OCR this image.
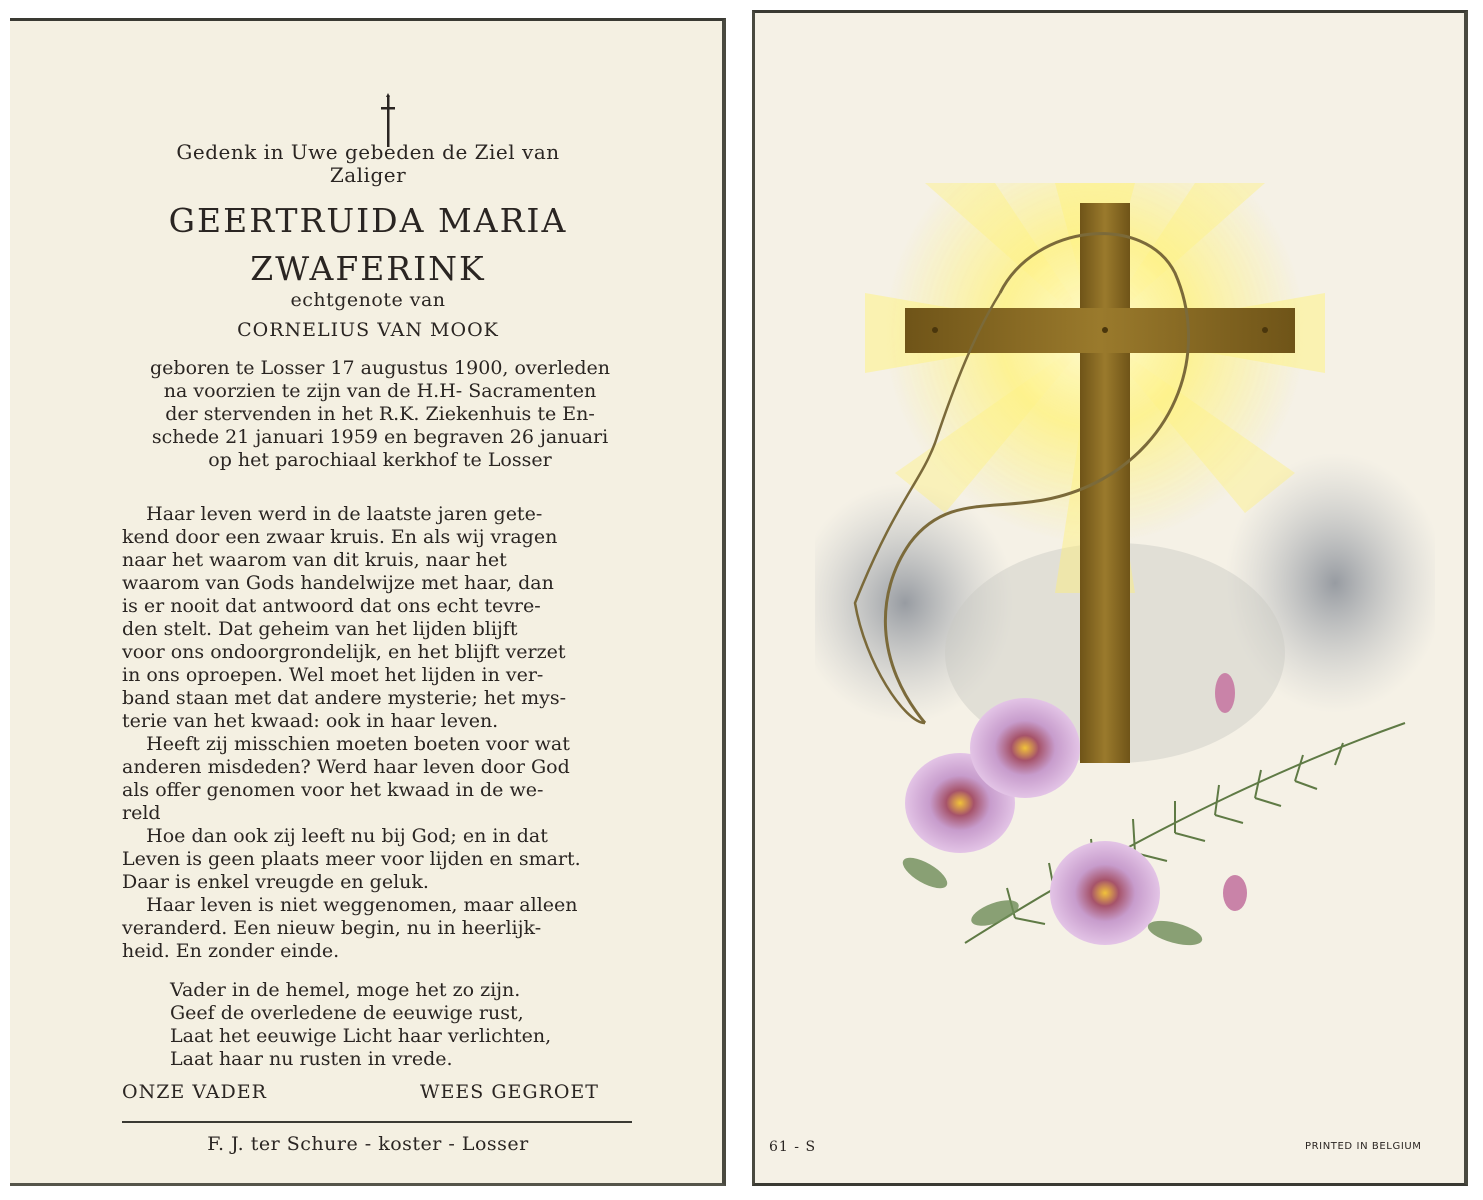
Gedenk in Uwe gebeden de Ziel van
Zaliger
GEERTRUIDA MARIA
ZWAFERINK
echtgenote van
CORNELIUS VAN MOOK
geboren te Losser 17 augustus 1900, overleden
na voorzien te zijn van de H.H- Sacramenten
der stervenden in het R.K. Ziekenhuis te En-
schede 21 januari 1959 en begraven 26 januari
op het parochiaal kerkhof te Losser
Haar leven werd in de laatste jaren gete-
kend door een zwaar kruis. En als wij vragen
naar het waarom van dit kruis, naar het
waarom van Gods handelwijze met haar, dan
is er nooit dat antwoord dat ons echt tevre-
den stelt. Dat geheim van het lijden blijft
voor ons ondoorgrondelijk, en het blijft verzet
in ons oproepen. Wel moet het lijden in ver-
band staan met dat andere mysterie; het mys-
terie van het kwaad: ook in haar leven.
Heeft zij misschien moeten boeten voor wat
anderen misdeden? Werd haar leven door God
als offer genomen voor het kwaad in de we-
reld
Hoe dan ook zij leeft nu bij God; en in dat
Leven is geen plaats meer voor lijden en smart.
Daar is enkel vreugde en geluk.
Haar leven is niet weggenomen, maar alleen
veranderd. Een nieuw begin, nu in heerlijk-
heid. En zonder einde.
Vader in de hemel, moge het zo zijn.
Geef de overledene de eeuwige rust,
Laat het eeuwige Licht haar verlichten,
Laat haar nu rusten in vrede.
ONZE VADER	WEES GEGROET
F. J. ter Schure - koster - Losser	61 - S	PRINTED IN BELGIUM
